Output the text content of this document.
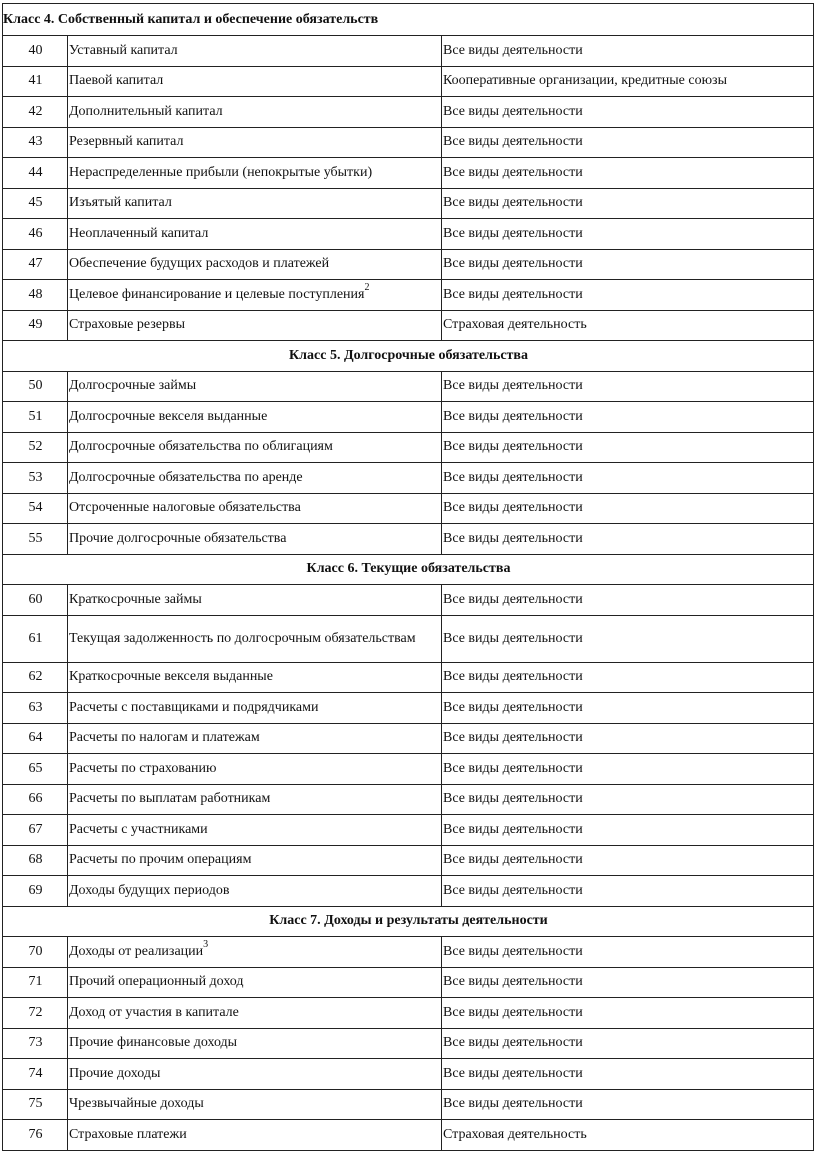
Класс 4. Собственный капитал и обеспечение обязательств		
40	Уставный капитал	Все виды деятельности
41	Паевой капитал	Кооперативные организации, кредитные союзы
42	Дополнительный капитал	Все виды деятельности
43	Резервный капитал	Все виды деятельности
44	Нераспределенные прибыли (непокрытые убытки)	Все виды деятельности
45	Изъятый капитал	Все виды деятельности
46	Неоплаченный капитал	Все виды деятельности
47	Обеспечение будущих расходов и платежей	Все виды деятельности
48	Целевое финансирование и целевые поступления$^2$	Все виды деятельности
49	Страховые резервы	Страховая деятельность
Класс 5. Долгосрочные обязательства		
50	Долгосрочные займы	Все виды деятельности
51	Долгосрочные векселя выданные	Все виды деятельности
52	Долгосрочные обязательства по облигациям	Все виды деятельности
53	Долгосрочные обязательства по аренде	Все виды деятельности
54	Отсроченные налоговые обязательства	Все виды деятельности
55	Прочие долгосрочные обязательства	Все виды деятельности
Класс 6. Текущие обязательства		
60	Краткосрочные займы	Все виды деятельности
61	Текущая задолженность по долгосрочным обязательствам	Все виды деятельности
62	Краткосрочные векселя выданные	Все виды деятельности
63	Расчеты с поставщиками и подрядчиками	Все виды деятельности
64	Расчеты по налогам и платежам	Все виды деятельности
65	Расчеты по страхованию	Все виды деятельности
66	Расчеты по выплатам работникам	Все виды деятельности
67	Расчеты с участниками	Все виды деятельности
68	Расчеты по прочим операциям	Все виды деятельности
69	Доходы будущих периодов	Все виды деятельности
Класс 7. Доходы и результаты деятельности		
70	Доходы от реализации$^3$	Все виды деятельности
71	Прочий операционный доход	Все виды деятельности
72	Доход от участия в капитале	Все виды деятельности
73	Прочие финансовые доходы	Все виды деятельности
74	Прочие доходы	Все виды деятельности
75	Чрезвычайные доходы	Все виды деятельности
76	Страховые платежи	Страховая деятельность
